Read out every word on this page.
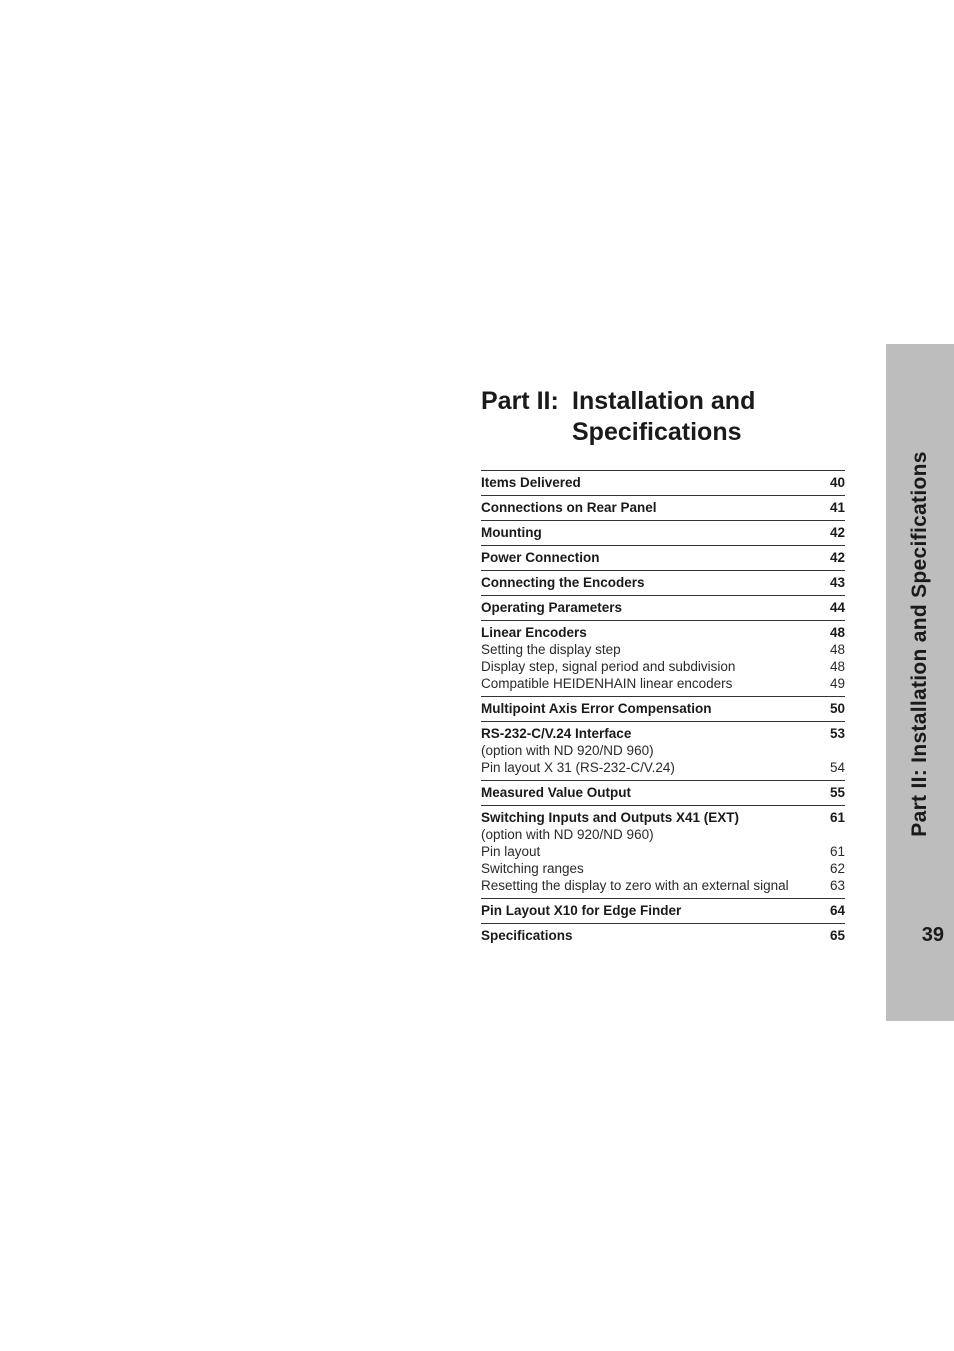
Part II: Installation and
Specifications
Items Delivered	40
Connections on Rear Panel	41
Mounting	42
Power Connection	42
Connecting the Encoders	43
Operating Parameters	44
Linear Encoders	48
Setting the display step	48
Display step, signal period and subdivision	48
Compatible HEIDENHAIN linear encoders	49
Multipoint Axis Error Compensation	50
RS-232-C/V.24 Interface	53
(option with ND 920/ND 960)
Pin layout X 31 (RS-232-C/V.24)	54
Measured Value Output	55
Switching Inputs and Outputs X41 (EXT)	61
(option with ND 920/ND 960)
Pin layout	61
Switching ranges	62
Resetting the display to zero with an external signal	63
Pin Layout X10 for Edge Finder	64
Specifications	65
Part II: Installation and Specifications
39
